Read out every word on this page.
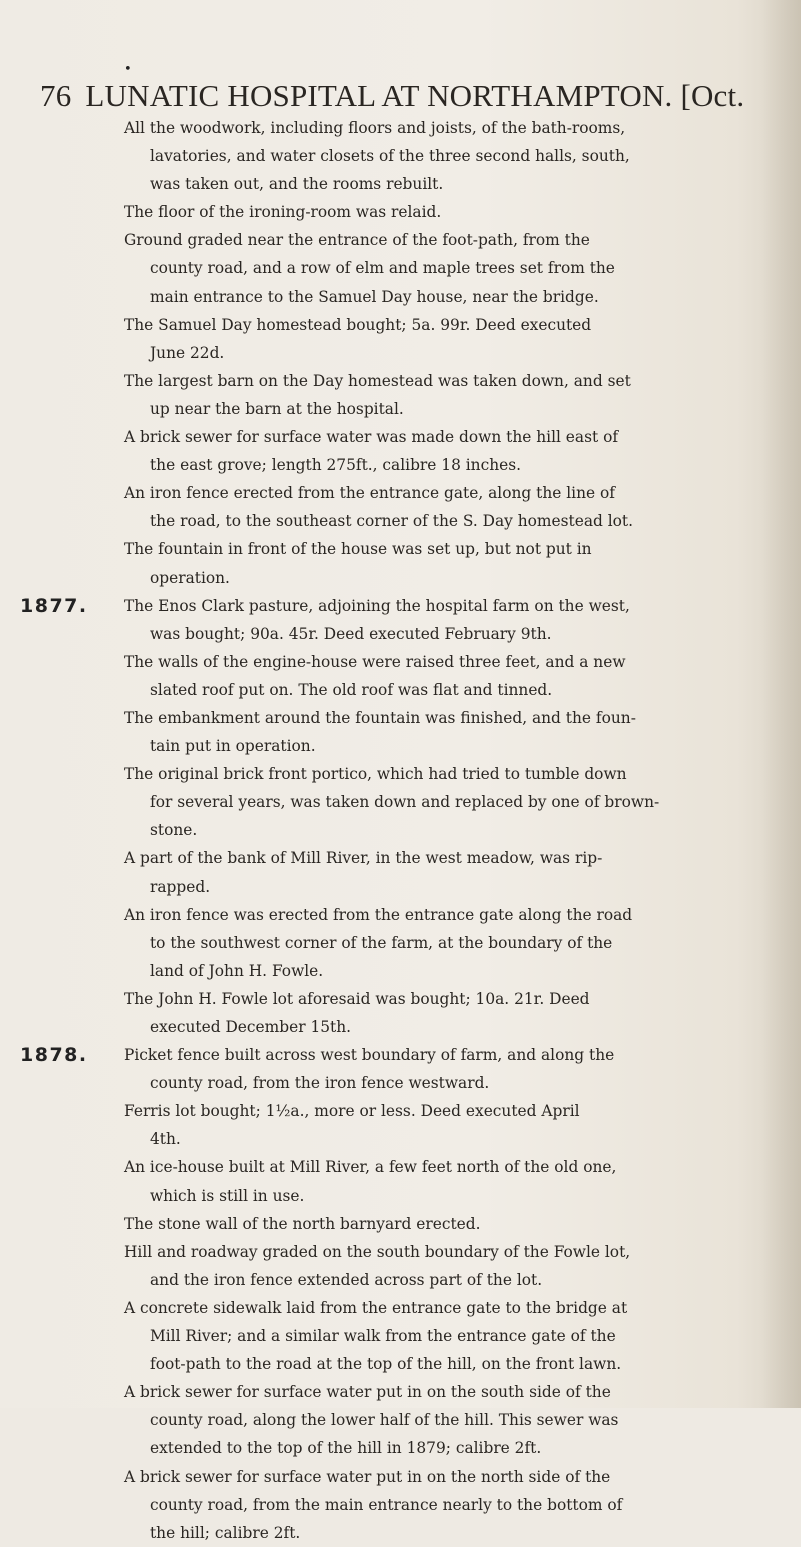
•
76 LUNATIC HOSPITAL AT NORTHAMPTON. [Oct.
All the woodwork, including floors and joists, of the bath-rooms,
lavatories, and water closets of the three second halls, south,
was taken out, and the rooms rebuilt.
The floor of the ironing-room was relaid.
Ground graded near the entrance of the foot-path, from the
county road, and a row of elm and maple trees set from the
main entrance to the Samuel Day house, near the bridge.
The Samuel Day homestead bought; 5a. 99r. Deed executed
June 22d.
The largest barn on the Day homestead was taken down, and set
up near the barn at the hospital.
A brick sewer for surface water was made down the hill east of
the east grove; length 275ft., calibre 18 inches.
An iron fence erected from the entrance gate, along the line of
the road, to the southeast corner of the S. Day homestead lot.
The fountain in front of the house was set up, but not put in
operation.
1877.	The Enos Clark pasture, adjoining the hospital farm on the west,
was bought; 90a. 45r. Deed executed February 9th.
The walls of the engine-house were raised three feet, and a new
slated roof put on. The old roof was flat and tinned.
The embankment around the fountain was finished, and the foun-
tain put in operation.
The original brick front portico, which had tried to tumble down
for several years, was taken down and replaced by one of brown-
stone.
A part of the bank of Mill River, in the west meadow, was rip-
rapped.
An iron fence was erected from the entrance gate along the road
to the southwest corner of the farm, at the boundary of the
land of John H. Fowle.
The John H. Fowle lot aforesaid was bought; 10a. 21r. Deed
executed December 15th.
1878.	Picket fence built across west boundary of farm, and along the
county road, from the iron fence westward.
Ferris lot bought; 1½a., more or less. Deed executed April
4th.
An ice-house built at Mill River, a few feet north of the old one,
which is still in use.
The stone wall of the north barnyard erected.
Hill and roadway graded on the south boundary of the Fowle lot,
and the iron fence extended across part of the lot.
A concrete sidewalk laid from the entrance gate to the bridge at
Mill River; and a similar walk from the entrance gate of the
foot-path to the road at the top of the hill, on the front lawn.
A brick sewer for surface water put in on the south side of the
county road, along the lower half of the hill. This sewer was
extended to the top of the hill in 1879; calibre 2ft.
A brick sewer for surface water put in on the north side of the
county road, from the main entrance nearly to the bottom of
the hill; calibre 2ft.
